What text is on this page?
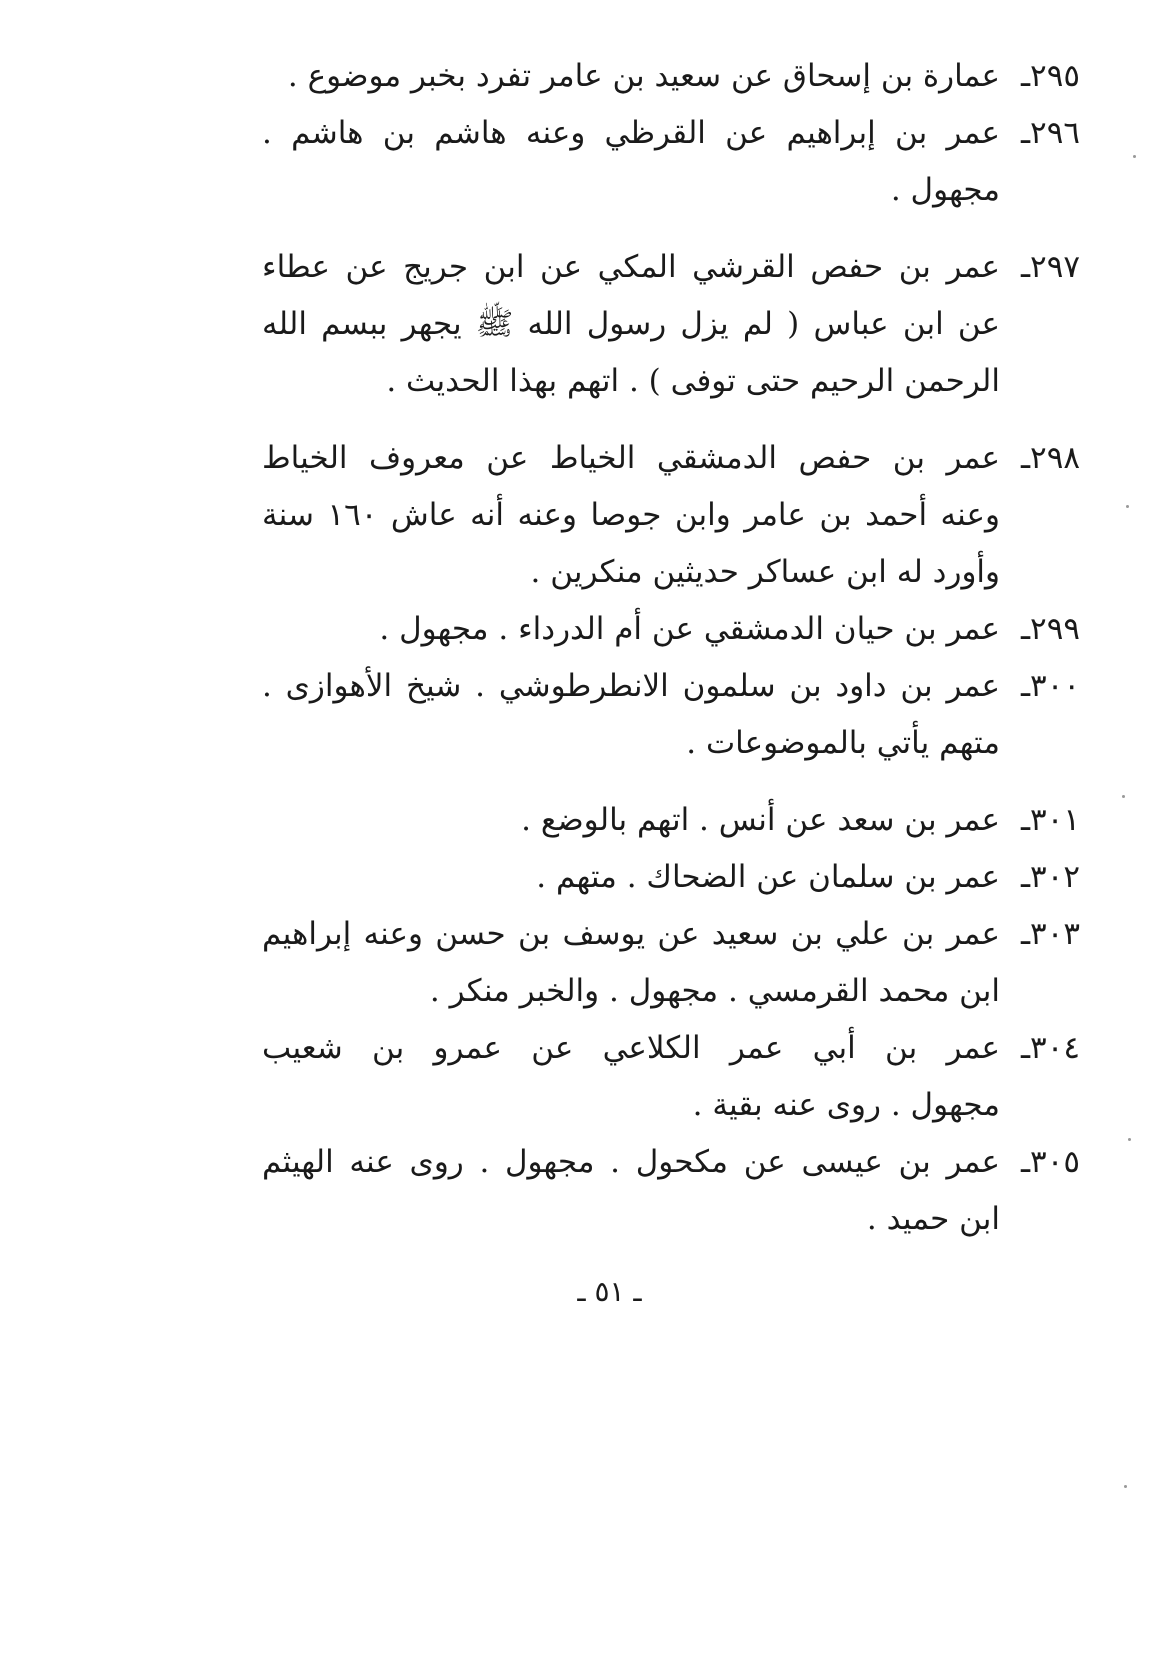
٢٩٥ـ
عمارة بن إسحاق عن سعيد بن عامر تفرد بخبر موضوع .
٢٩٦ـ
عمر بن إبراهيم عن القرظي وعنه هاشم بن هاشم .
مجهول .
٢٩٧ـ
عمر بن حفص القرشي المكي عن ابن جريج عن عطاء
عن ابن عباس ( لم يزل رسول الله ﷺ يجهر ببسم الله
الرحمن الرحيم حتى توفى ) . اتهم بهذا الحديث .
٢٩٨ـ
عمر بن حفص الدمشقي الخياط عن معروف الخياط
وعنه أحمد بن عامر وابن جوصا وعنه أنه عاش ١٦٠ سنة
وأورد له ابن عساكر حديثين منكرين .
٢٩٩ـ
عمر بن حيان الدمشقي عن أم الدرداء . مجهول .
٣٠٠ـ
عمر بن داود بن سلمون الانطرطوشي . شيخ الأهوازى .
متهم يأتي بالموضوعات .
٣٠١ـ
عمر بن سعد عن أنس . اتهم بالوضع .
٣٠٢ـ
عمر بن سلمان عن الضحاك . متهم .
٣٠٣ـ
عمر بن علي بن سعيد عن يوسف بن حسن وعنه إبراهيم
ابن محمد القرمسي . مجهول . والخبر منكر .
٣٠٤ـ
عمر بن أبي عمر الكلاعي عن عمرو بن شعيب
مجهول . روى عنه بقية .
٣٠٥ـ
عمر بن عيسى عن مكحول . مجهول . روى عنه الهيثم
ابن حميد .
ـ ٥١ ـ
